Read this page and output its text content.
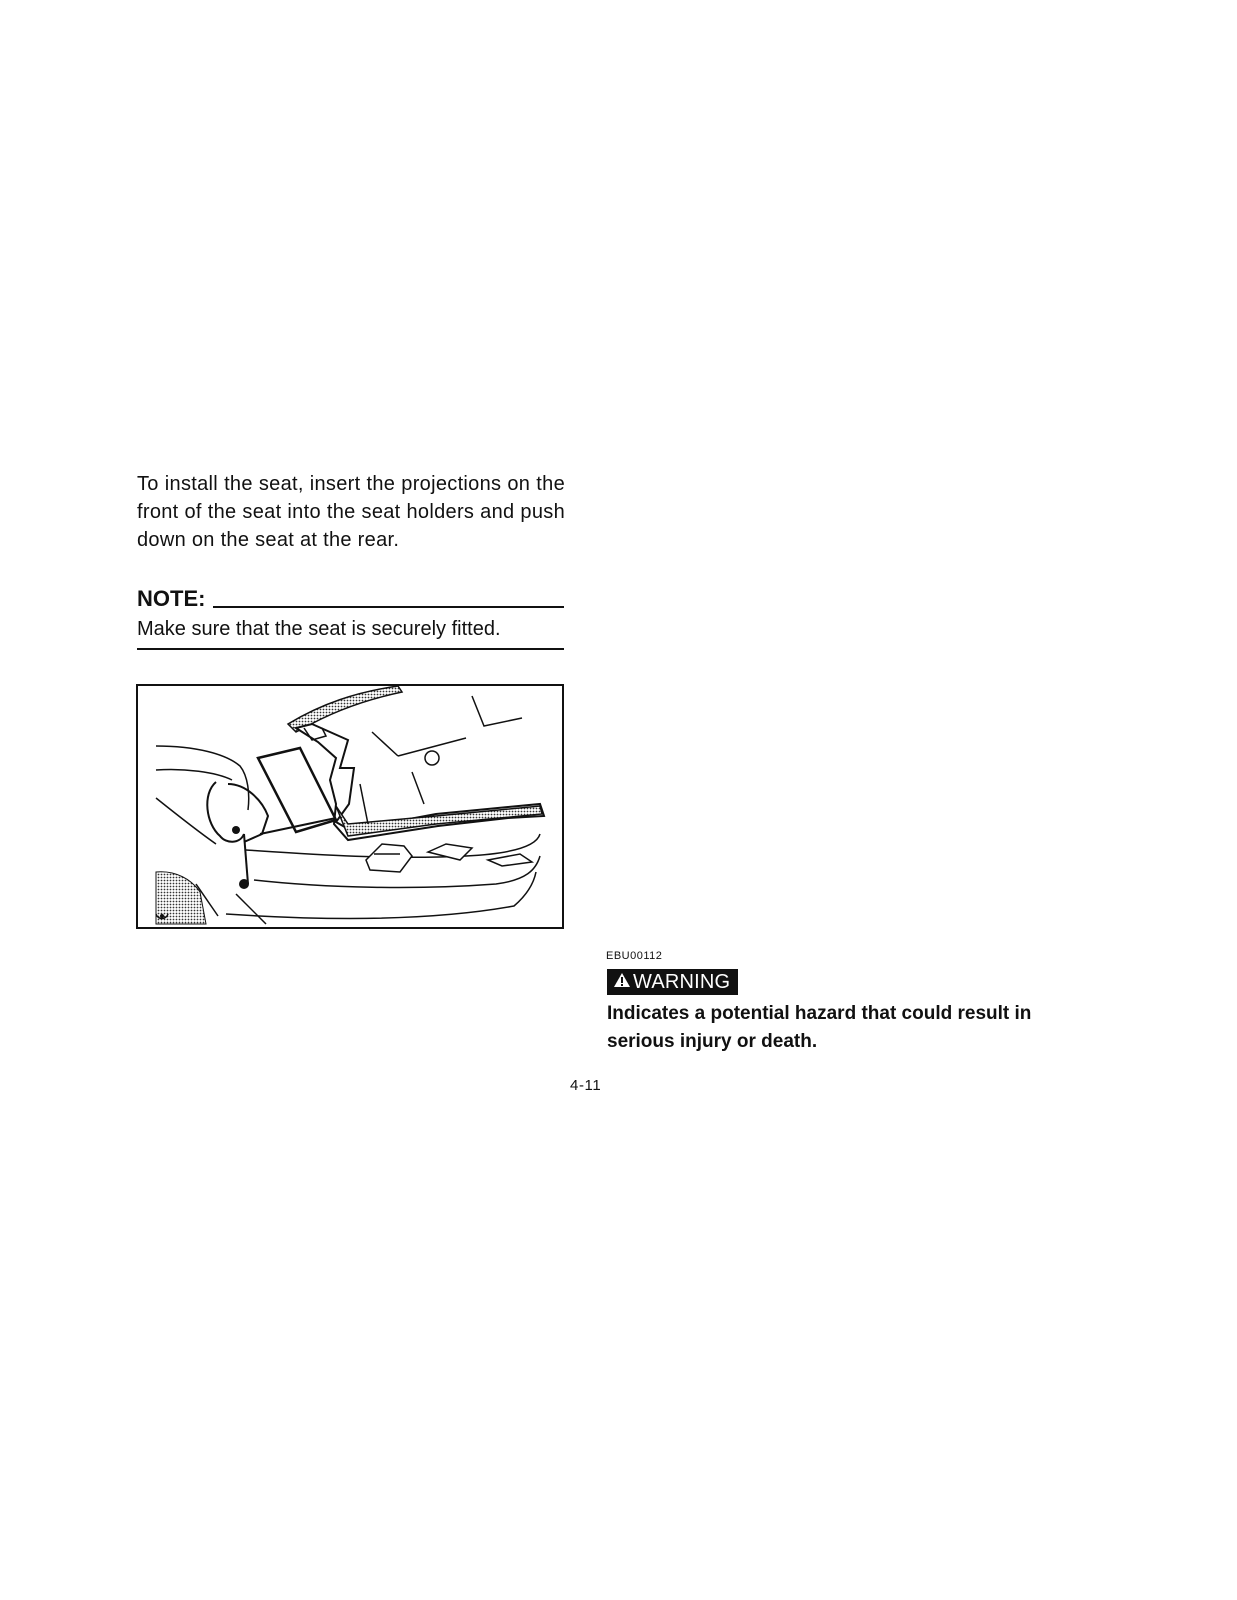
To install the seat, insert the projections on the front of the seat into the seat holders and push down on the seat at the rear.

NOTE:
Make sure that the seat is securely fitted.
EBU00112
WARNING
Indicates a potential hazard that could result in serious injury or death.
4-11
